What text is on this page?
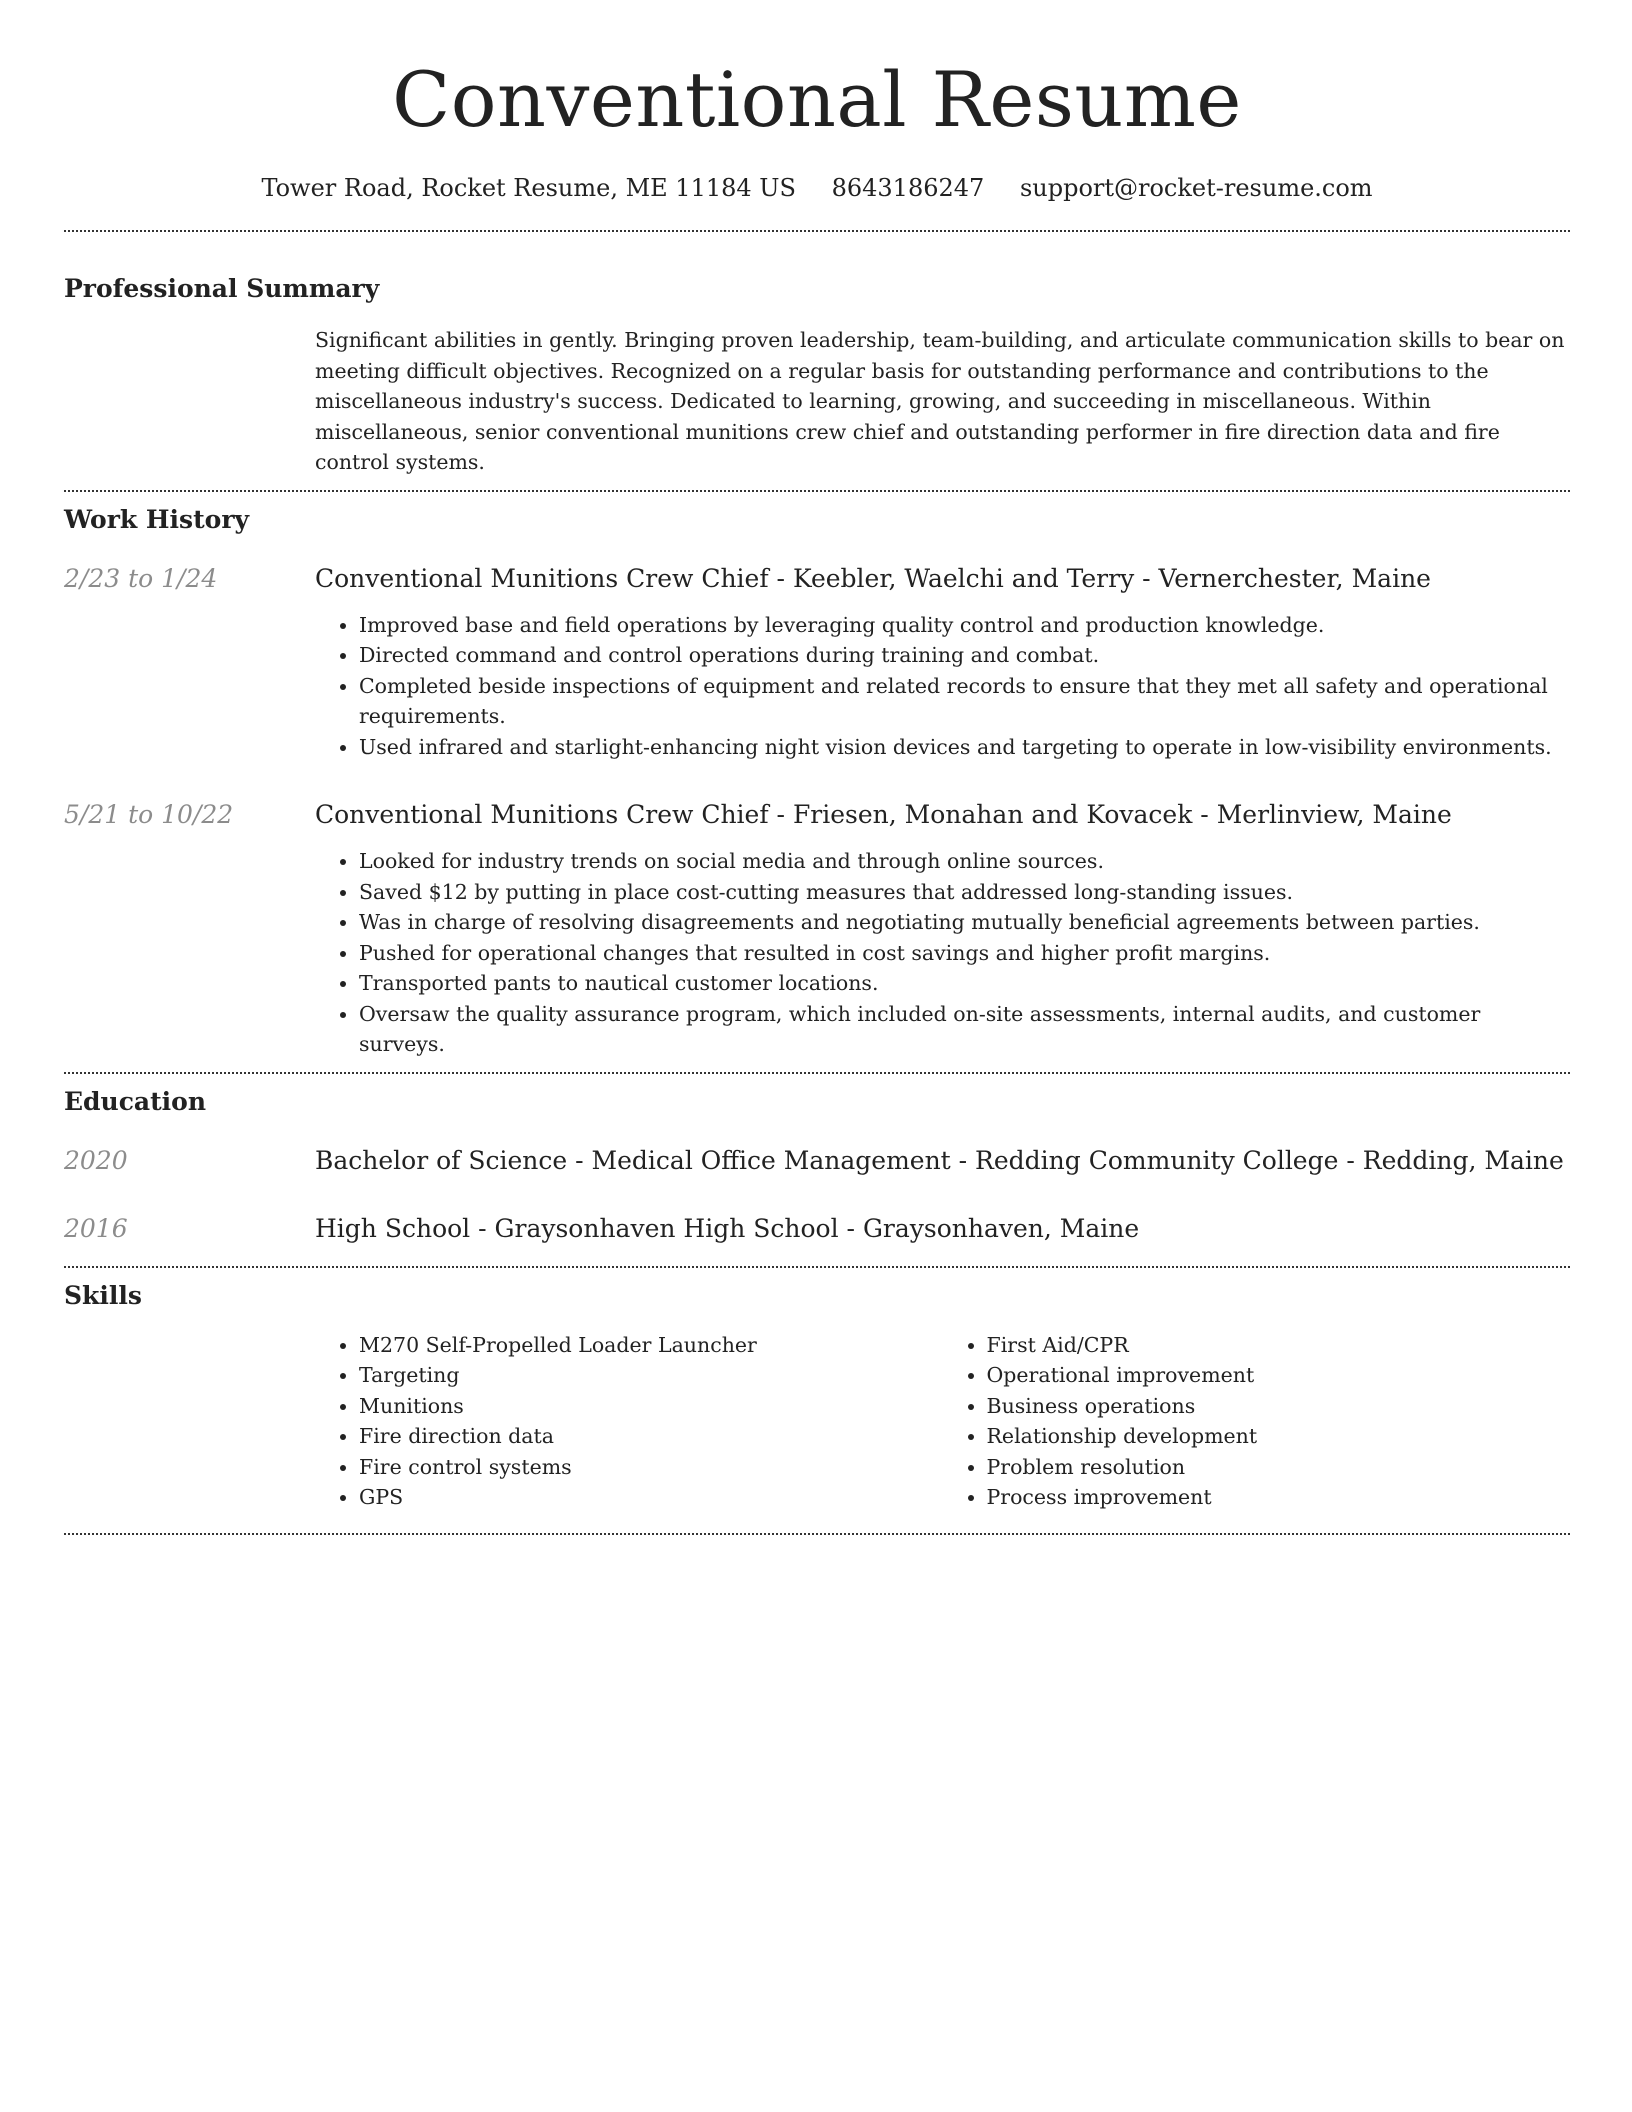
Conventional Resume
Tower Road, Rocket Resume, ME 11184 US 8643186247 support@rocket-resume.com
Professional Summary

Significant abilities in gently. Bringing proven leadership, team-building, and articulate communication skills to bear on meeting difficult objectives. Recognized on a regular basis for outstanding performance and contributions to the miscellaneous industry's success. Dedicated to learning, growing, and succeeding in miscellaneous. Within miscellaneous, senior conventional munitions crew chief and outstanding performer in fire direction data and fire control systems.

Work History
2/23 to 1/24	Conventional Munitions Crew Chief - Keebler, Waelchi and Terry - Vernerchester, Maine
• Improved base and field operations by leveraging quality control and production knowledge.
• Directed command and control operations during training and combat.
• Completed beside inspections of equipment and related records to ensure that they met all safety and operational requirements.
• Used infrared and starlight-enhancing night vision devices and targeting to operate in low-visibility environments.
5/21 to 10/22	Conventional Munitions Crew Chief - Friesen, Monahan and Kovacek - Merlinview, Maine
• Looked for industry trends on social media and through online sources.
• Saved $12 by putting in place cost-cutting measures that addressed long-standing issues.
• Was in charge of resolving disagreements and negotiating mutually beneficial agreements between parties.
• Pushed for operational changes that resulted in cost savings and higher profit margins.
• Transported pants to nautical customer locations.
• Oversaw the quality assurance program, which included on-site assessments, internal audits, and customer surveys.
Education
2020	Bachelor of Science - Medical Office Management - Redding Community College - Redding, Maine
2016	High School - Graysonhaven High School - Graysonhaven, Maine
Skills
• M270 Self-Propelled Loader Launcher
• Targeting
• Munitions
• Fire direction data
• Fire control systems
• GPS
• First Aid/CPR
• Operational improvement
• Business operations
• Relationship development
• Problem resolution
• Process improvement
